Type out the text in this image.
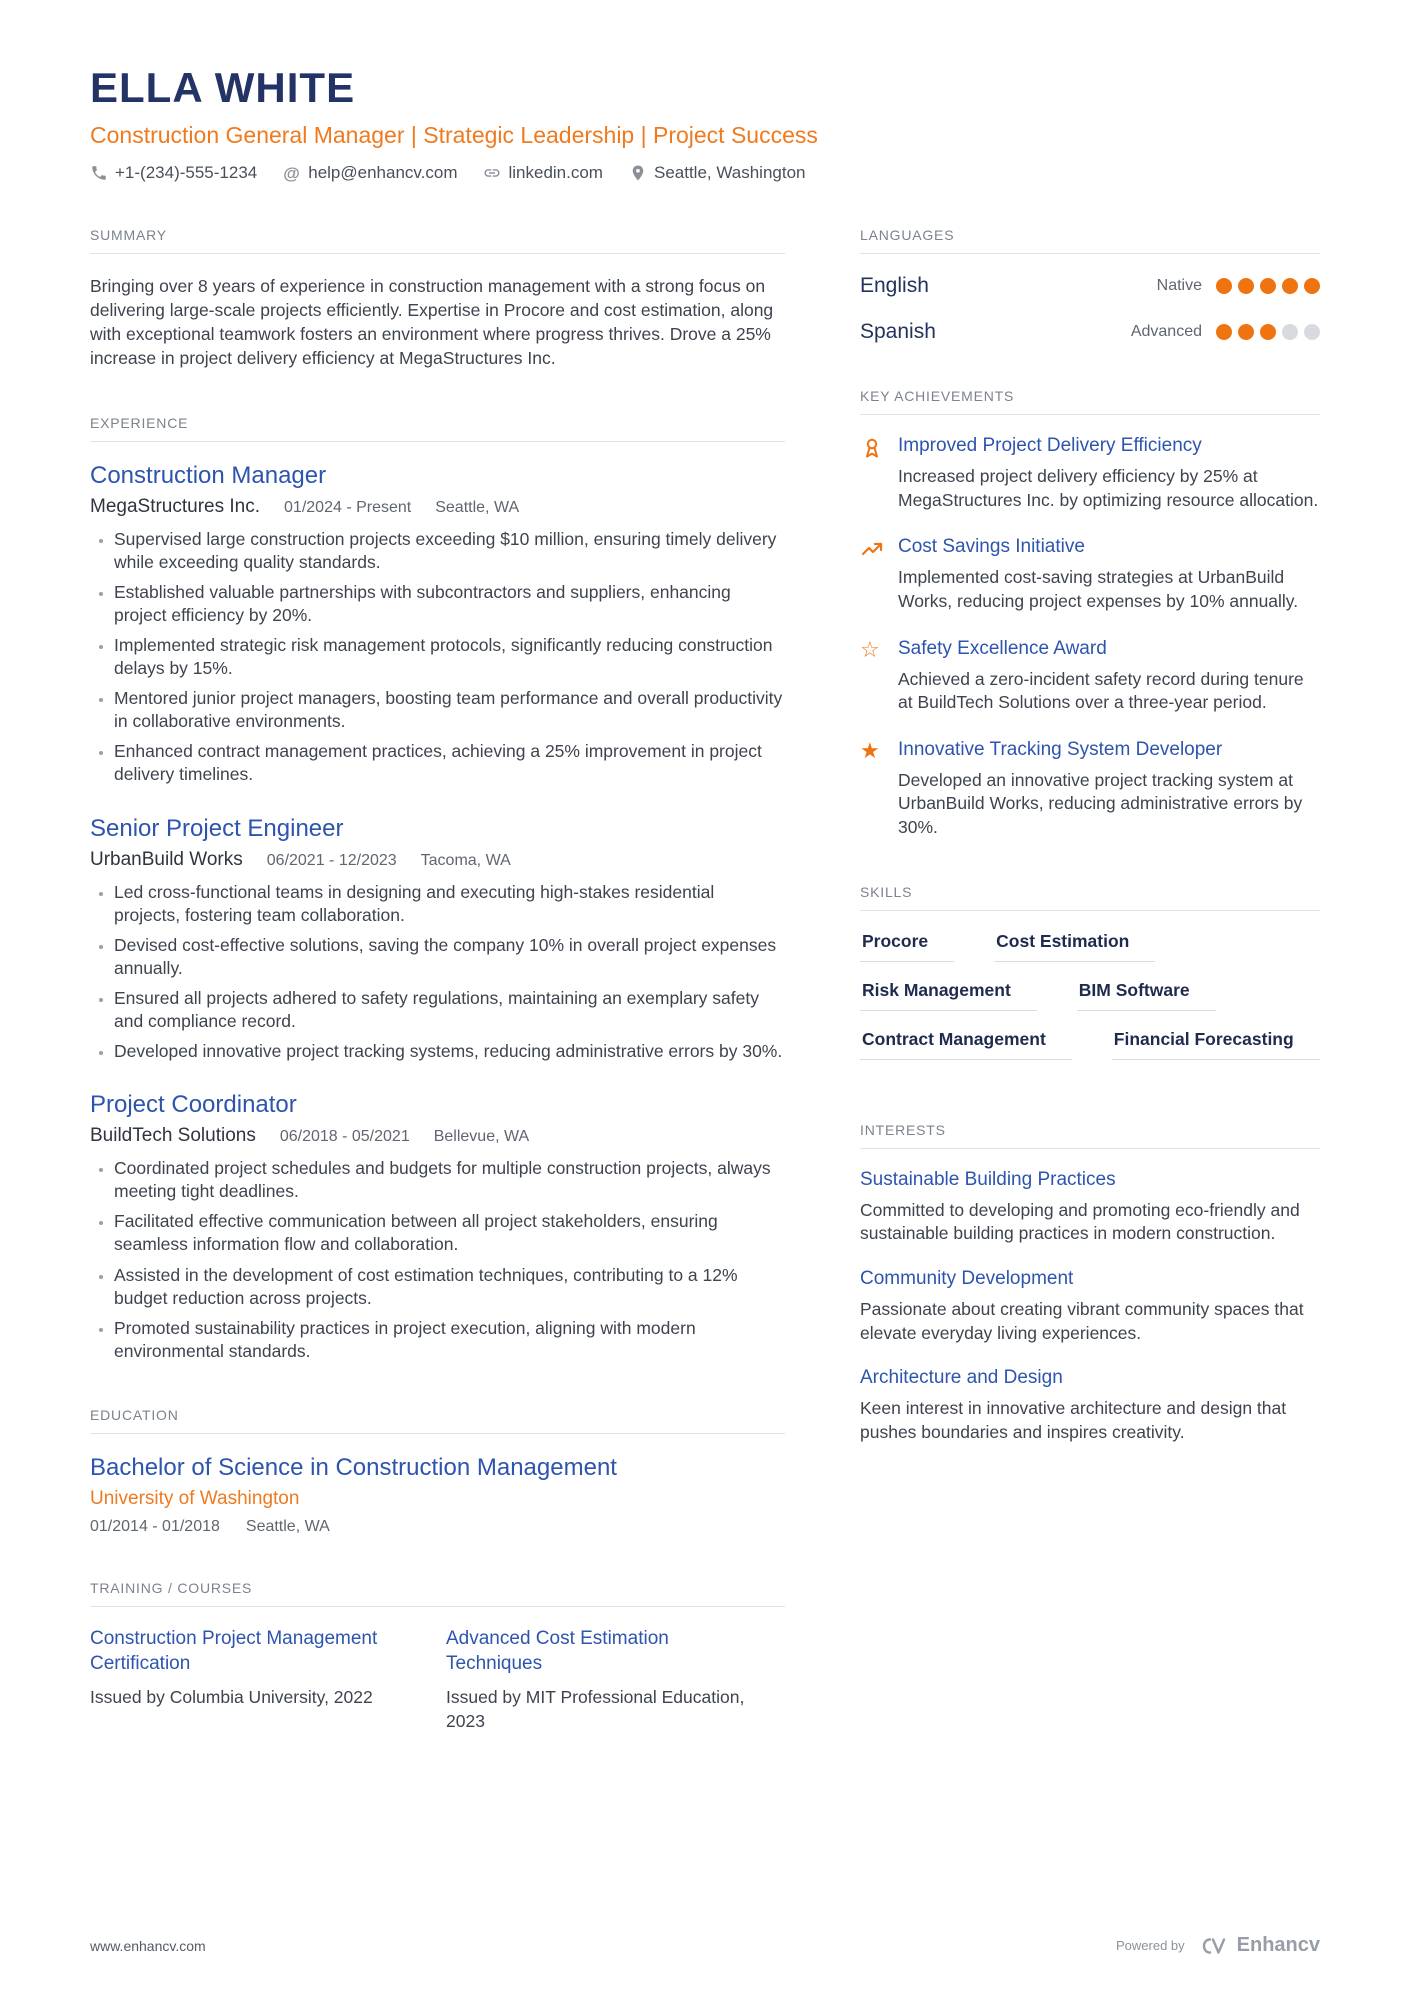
ELLA WHITE
Construction General Manager | Strategic Leadership | Project Success
+1-(234)-555-1234 @	help@enhancv.com	linkedin.com	Seattle, Washington
SUMMARY

Bringing over 8 years of experience in construction management with a strong focus on delivering large-scale projects efficiently. Expertise in Procore and cost estimation, along with exceptional teamwork fosters an environment where progress thrives. Drove a 25% increase in project delivery efficiency at MegaStructures Inc.

EXPERIENCE
Construction Manager
MegaStructures Inc. 01/2024 - Present Seattle, WA
• Supervised large construction projects exceeding $10 million, ensuring timely delivery while exceeding quality standards.
• Established valuable partnerships with subcontractors and suppliers, enhancing project efficiency by 20%.
• Implemented strategic risk management protocols, significantly reducing construction delays by 15%.
• Mentored junior project managers, boosting team performance and overall productivity in collaborative environments.
• Enhanced contract management practices, achieving a 25% improvement in project delivery timelines.
Senior Project Engineer
UrbanBuild Works 06/2021 - 12/2023 Tacoma, WA
• Led cross-functional teams in designing and executing high-stakes residential projects, fostering team collaboration.
• Devised cost-effective solutions, saving the company 10% in overall project expenses annually.
• Ensured all projects adhered to safety regulations, maintaining an exemplary safety and compliance record.
• Developed innovative project tracking systems, reducing administrative errors by 30%.
Project Coordinator
BuildTech Solutions 06/2018 - 05/2021 Bellevue, WA
• Coordinated project schedules and budgets for multiple construction projects, always meeting tight deadlines.
• Facilitated effective communication between all project stakeholders, ensuring seamless information flow and collaboration.
• Assisted in the development of cost estimation techniques, contributing to a 12% budget reduction across projects.
• Promoted sustainability practices in project execution, aligning with modern environmental standards.
EDUCATION
Bachelor of Science in Construction Management
University of Washington
01/2014 - 01/2018 Seattle, WA
TRAINING / COURSES
Construction Project Management Certification
Issued by Columbia University, 2022
Advanced Cost Estimation Techniques
Issued by MIT Professional Education, 2023
LANGUAGES
English	Native
Spanish	Advanced
KEY ACHIEVEMENTS
Improved Project Delivery Efficiency
Increased project delivery efficiency by 25% at MegaStructures Inc. by optimizing resource allocation.
Cost Savings Initiative
Implemented cost-saving strategies at UrbanBuild Works, reducing project expenses by 10% annually.
☆
Safety Excellence Award
Achieved a zero-incident safety record during tenure at BuildTech Solutions over a three-year period.
★
Innovative Tracking System Developer
Developed an innovative project tracking system at UrbanBuild Works, reducing administrative errors by 30%.
SKILLS
Procore	Cost Estimation
Risk Management	BIM Software
Contract Management	Financial Forecasting
INTERESTS
Sustainable Building Practices
Committed to developing and promoting eco-friendly and sustainable building practices in modern construction.
Community Development
Passionate about creating vibrant community spaces that elevate everyday living experiences.
Architecture and Design
Keen interest in innovative architecture and design that pushes boundaries and inspires creativity.
www.enhancv.com	Powered by	Enhancv
